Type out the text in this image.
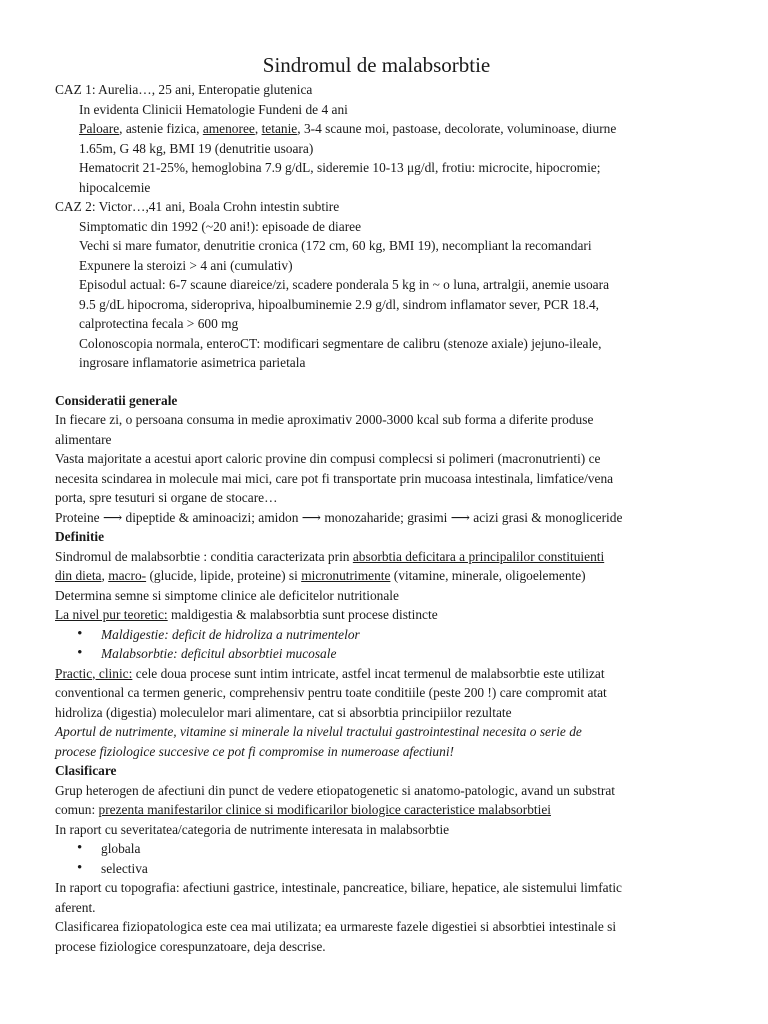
Sindromul de malabsorbtie
CAZ 1: Aurelia…, 25 ani, Enteropatie glutenica
In evidenta Clinicii Hematologie Fundeni de 4 ani
Paloare, astenie fizica, amenoree, tetanie, 3-4 scaune moi, pastoase, decolorate, voluminoase, diurne
1.65m, G 48 kg, BMI 19 (denutritie usoara)
Hematocrit 21-25%, hemoglobina 7.9 g/dL, sideremie 10-13 μg/dl, frotiu: microcite, hipocromie;
hipocalcemie
CAZ 2: Victor…,41 ani, Boala Crohn intestin subtire
Simptomatic din 1992 (~20 ani!): episoade de diaree
Vechi si mare fumator, denutritie cronica (172 cm, 60 kg, BMI 19), necompliant la recomandari
Expunere la steroizi > 4 ani (cumulativ)
Episodul actual: 6-7 scaune diareice/zi, scadere ponderala 5 kg in ~ o luna, artralgii, anemie usoara
9.5 g/dL hipocroma, sideropriva, hipoalbuminemie 2.9 g/dl, sindrom inflamator sever, PCR 18.4,
calprotectina fecala > 600 mg
Colonoscopia normala, enteroCT: modificari segmentare de calibru (stenoze axiale) jejuno-ileale,
ingrosare inflamatorie asimetrica parietala
Consideratii generale
In fiecare zi, o persoana consuma in medie aproximativ 2000-3000 kcal sub forma a diferite produse
alimentare
Vasta majoritate a acestui aport caloric provine din compusi complecsi si polimeri (macronutrienti) ce
necesita scindarea in molecule mai mici, care pot fi transportate prin mucoasa intestinala, limfatice/vena
porta, spre tesuturi si organe de stocare…
Proteine ⟶ dipeptide & aminoacizi; amidon ⟶ monozaharide; grasimi ⟶ acizi grasi & monogliceride
Definitie
Sindromul de malabsorbtie : conditia caracterizata prin absorbtia deficitara a principalilor constituienti
din dieta, macro- (glucide, lipide, proteine) si micronutrimente (vitamine, minerale, oligoelemente)
Determina semne si simptome clinice ale deficitelor nutritionale
La nivel pur teoretic: maldigestia & malabsorbtia sunt procese distincte
• Maldigestie: deficit de hidroliza a nutrimentelor
• Malabsorbtie: deficitul absorbtiei mucosale
Practic, clinic: cele doua procese sunt intim intricate, astfel incat termenul de malabsorbtie este utilizat
conventional ca termen generic, comprehensiv pentru toate conditiile (peste 200 !) care compromit atat
hidroliza (digestia) moleculelor mari alimentare, cat si absorbtia principiilor rezultate
Aportul de nutrimente, vitamine si minerale la nivelul tractului gastrointestinal necesita o serie de
procese fiziologice succesive ce pot fi compromise in numeroase afectiuni!
Clasificare
Grup heterogen de afectiuni din punct de vedere etiopatogenetic si anatomo-patologic, avand un substrat
comun: prezenta manifestarilor clinice si modificarilor biologice caracteristice malabsorbtiei
In raport cu severitatea/categoria de nutrimente interesata in malabsorbtie
• globala
• selectiva
In raport cu topografia: afectiuni gastrice, intestinale, pancreatice, biliare, hepatice, ale sistemului limfatic
aferent.
Clasificarea fiziopatologica este cea mai utilizata; ea urmareste fazele digestiei si absorbtiei intestinale si
procese fiziologice corespunzatoare, deja descrise.
